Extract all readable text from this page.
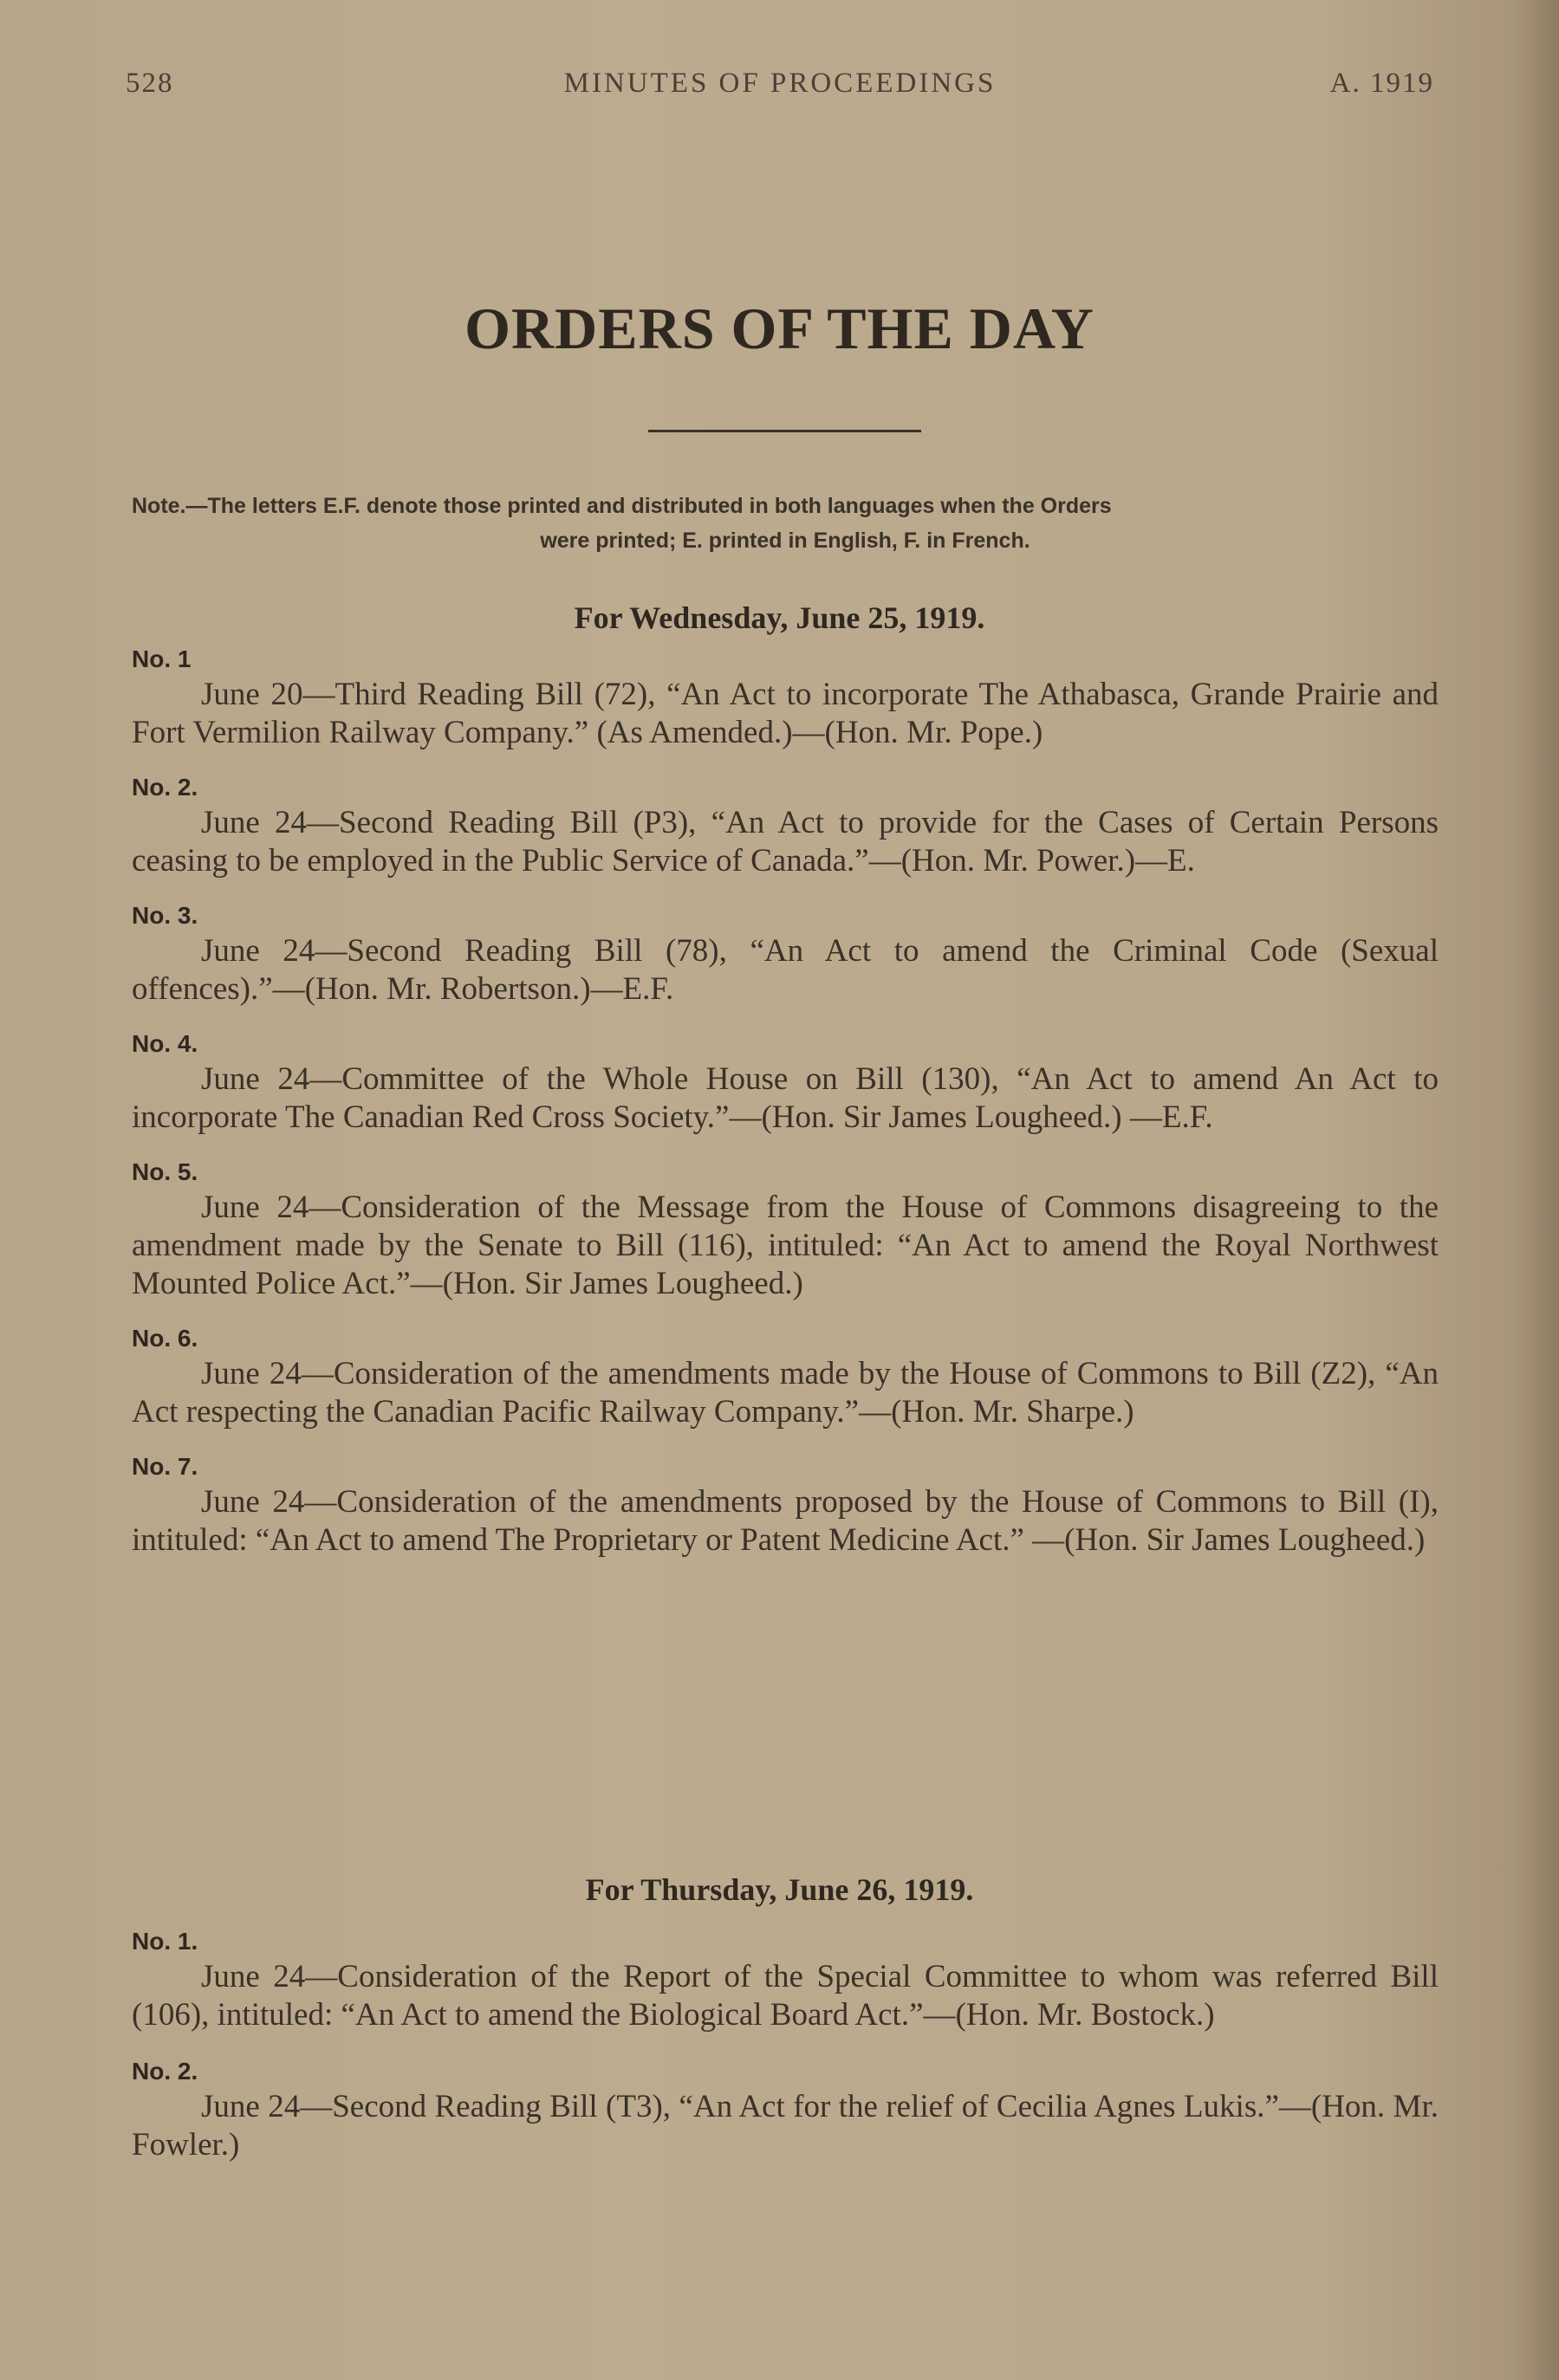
528	MINUTES OF PROCEEDINGS	A. 1919
ORDERS OF THE DAY
Note.—The letters E.F. denote those printed and distributed in both languages when the Orders
were printed; E. printed in English, F. in French.
For Wednesday, June 25, 1919.
No. 1
June 20—Third Reading Bill (72), “An Act to incorporate The Athabasca, Grande Prairie and Fort Vermilion Railway Company.” (As Amended.)—(Hon. Mr. Pope.)
No. 2.
June 24—Second Reading Bill (P3), “An Act to provide for the Cases of Certain Persons ceasing to be employed in the Public Service of Canada.”—(Hon. Mr. Power.)—E.
No. 3.
June 24—Second Reading Bill (78), “An Act to amend the Criminal Code (Sexual offences).”—(Hon. Mr. Robertson.)—E.F.
No. 4.
June 24—Committee of the Whole House on Bill (130), “An Act to amend An Act to incorporate The Canadian Red Cross Society.”—(Hon. Sir James Lougheed.) —E.F.
No. 5.
June 24—Consideration of the Message from the House of Commons disagreeing to the amendment made by the Senate to Bill (116), intituled: “An Act to amend the Royal Northwest Mounted Police Act.”—(Hon. Sir James Lougheed.)
No. 6.
June 24—Consideration of the amendments made by the House of Commons to Bill (Z2), “An Act respecting the Canadian Pacific Railway Company.”—(Hon. Mr. Sharpe.)
No. 7.
June 24—Consideration of the amendments proposed by the House of Commons to Bill (I), intituled: “An Act to amend The Proprietary or Patent Medicine Act.” —(Hon. Sir James Lougheed.)
For Thursday, June 26, 1919.
No. 1.
June 24—Consideration of the Report of the Special Committee to whom was referred Bill (106), intituled: “An Act to amend the Biological Board Act.”—(Hon. Mr. Bostock.)
No. 2.
June 24—Second Reading Bill (T3), “An Act for the relief of Cecilia Agnes Lukis.”—(Hon. Mr. Fowler.)
